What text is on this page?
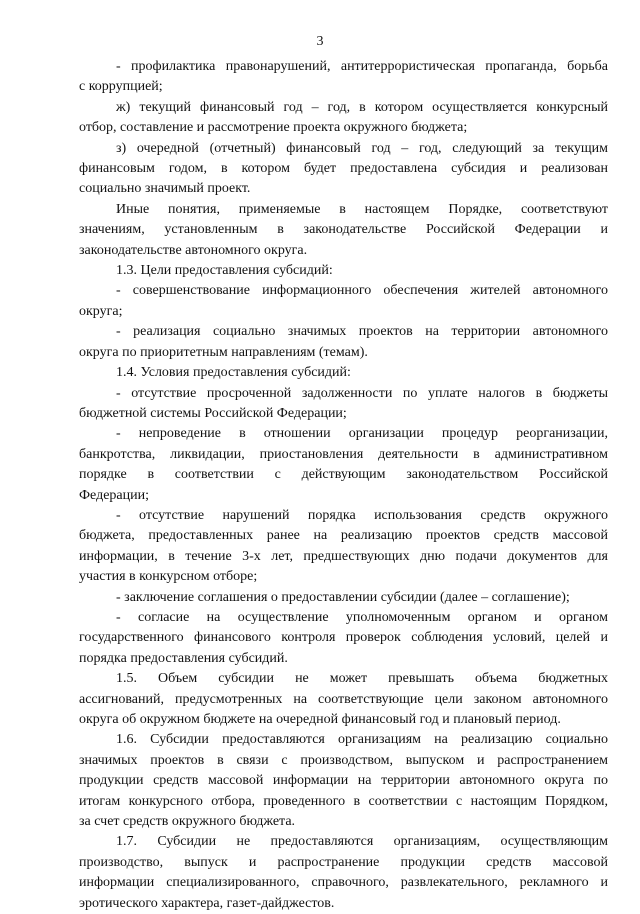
3
- профилактика правонарушений, антитеррористическая пропаганда, борьба
с коррупцией;
ж) текущий финансовый год – год, в котором осуществляется конкурсный
отбор, составление и рассмотрение проекта окружного бюджета;
з) очередной (отчетный) финансовый год – год, следующий за текущим
финансовым годом, в котором будет предоставлена субсидия и реализован
социально значимый проект.
Иные понятия, применяемые в настоящем Порядке, соответствуют
значениям, установленным в законодательстве Российской Федерации и
законодательстве автономного округа.
1.3. Цели предоставления субсидий:
- совершенствование информационного обеспечения жителей автономного
округа;
- реализация социально значимых проектов на территории автономного
округа по приоритетным направлениям (темам).
1.4. Условия предоставления субсидий:
- отсутствие просроченной задолженности по уплате налогов в бюджеты
бюджетной системы Российской Федерации;
- непроведение в отношении организации процедур реорганизации,
банкротства, ликвидации, приостановления деятельности в административном
порядке в соответствии с действующим законодательством Российской
Федерации;
- отсутствие нарушений порядка использования средств окружного
бюджета, предоставленных ранее на реализацию проектов средств массовой
информации, в течение 3-х лет, предшествующих дню подачи документов для
участия в конкурсном отборе;
- заключение соглашения о предоставлении субсидии (далее – соглашение);
- согласие на осуществление уполномоченным органом и органом
государственного финансового контроля проверок соблюдения условий, целей и
порядка предоставления субсидий.
1.5. Объем субсидии не может превышать объема бюджетных
ассигнований, предусмотренных на соответствующие цели законом автономного
округа об окружном бюджете на очередной финансовый год и плановый период.
1.6. Субсидии предоставляются организациям на реализацию социально
значимых проектов в связи с производством, выпуском и распространением
продукции средств массовой информации на территории автономного округа по
итогам конкурсного отбора, проведенного в соответствии с настоящим Порядком,
за счет средств окружного бюджета.
1.7. Субсидии не предоставляются организациям, осуществляющим
производство, выпуск и распространение продукции средств массовой
информации специализированного, справочного, развлекательного, рекламного и
эротического характера, газет-дайджестов.
